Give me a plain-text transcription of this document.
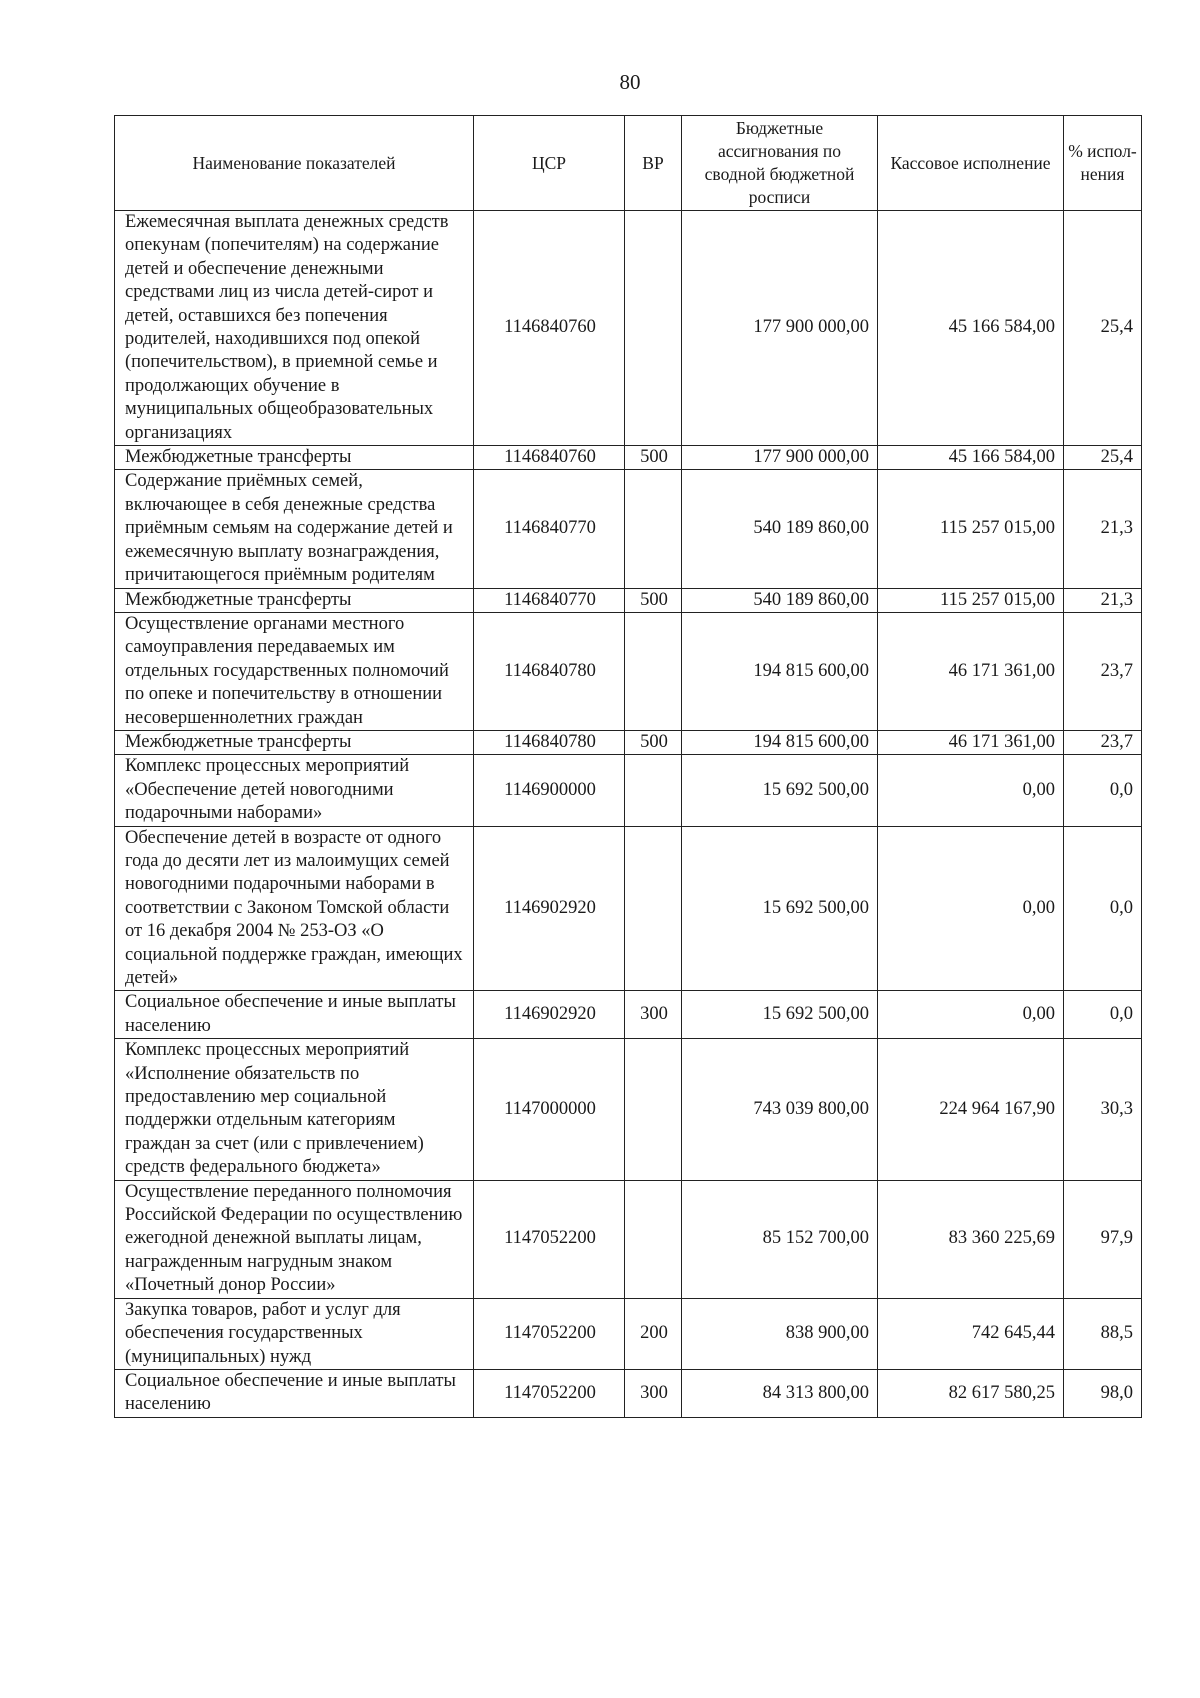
80
Наименование показателей	ЦСР	ВР	Бюджетные ассигнования по сводной бюджетной росписи	Кассовое исполнение	% испол-нения
Ежемесячная выплата денежных средств опекунам (попечителям) на содержание детей и обеспечение денежными средствами лиц из числа детей-сирот и детей, оставшихся без попечения родителей, находившихся под опекой (попечительством), в приемной семье и продолжающих обучение в муниципальных общеобразовательных организациях	1146840760		177 900 000,00	45 166 584,00	25,4
Межбюджетные трансферты	1146840760	500	177 900 000,00	45 166 584,00	25,4
Содержание приёмных семей, включающее в себя денежные средства приёмным семьям на содержание детей и ежемесячную выплату вознаграждения, причитающегося приёмным родителям	1146840770		540 189 860,00	115 257 015,00	21,3
Межбюджетные трансферты	1146840770	500	540 189 860,00	115 257 015,00	21,3
Осуществление органами местного самоуправления передаваемых им отдельных государственных полномочий по опеке и попечительству в отношении несовершеннолетних граждан	1146840780		194 815 600,00	46 171 361,00	23,7
Межбюджетные трансферты	1146840780	500	194 815 600,00	46 171 361,00	23,7
Комплекс процессных мероприятий «Обеспечение детей новогодними подарочными наборами»	1146900000		15 692 500,00	0,00	0,0
Обеспечение детей в возрасте от одного года до десяти лет из малоимущих семей новогодними подарочными наборами в соответствии с Законом Томской области от 16 декабря 2004 № 253-ОЗ «О социальной поддержке граждан, имеющих детей»	1146902920		15 692 500,00	0,00	0,0
Социальное обеспечение и иные выплаты населению	1146902920	300	15 692 500,00	0,00	0,0
Комплекс процессных мероприятий «Исполнение обязательств по предоставлению мер социальной поддержки отдельным категориям граждан за счет (или с привлечением) средств федерального бюджета»	1147000000		743 039 800,00	224 964 167,90	30,3
Осуществление переданного полномочия Российской Федерации по осуществлению ежегодной денежной выплаты лицам, награжденным нагрудным знаком «Почетный донор России»	1147052200		85 152 700,00	83 360 225,69	97,9
Закупка товаров, работ и услуг для обеспечения государственных (муниципальных) нужд	1147052200	200	838 900,00	742 645,44	88,5
Социальное обеспечение и иные выплаты населению	1147052200	300	84 313 800,00	82 617 580,25	98,0
